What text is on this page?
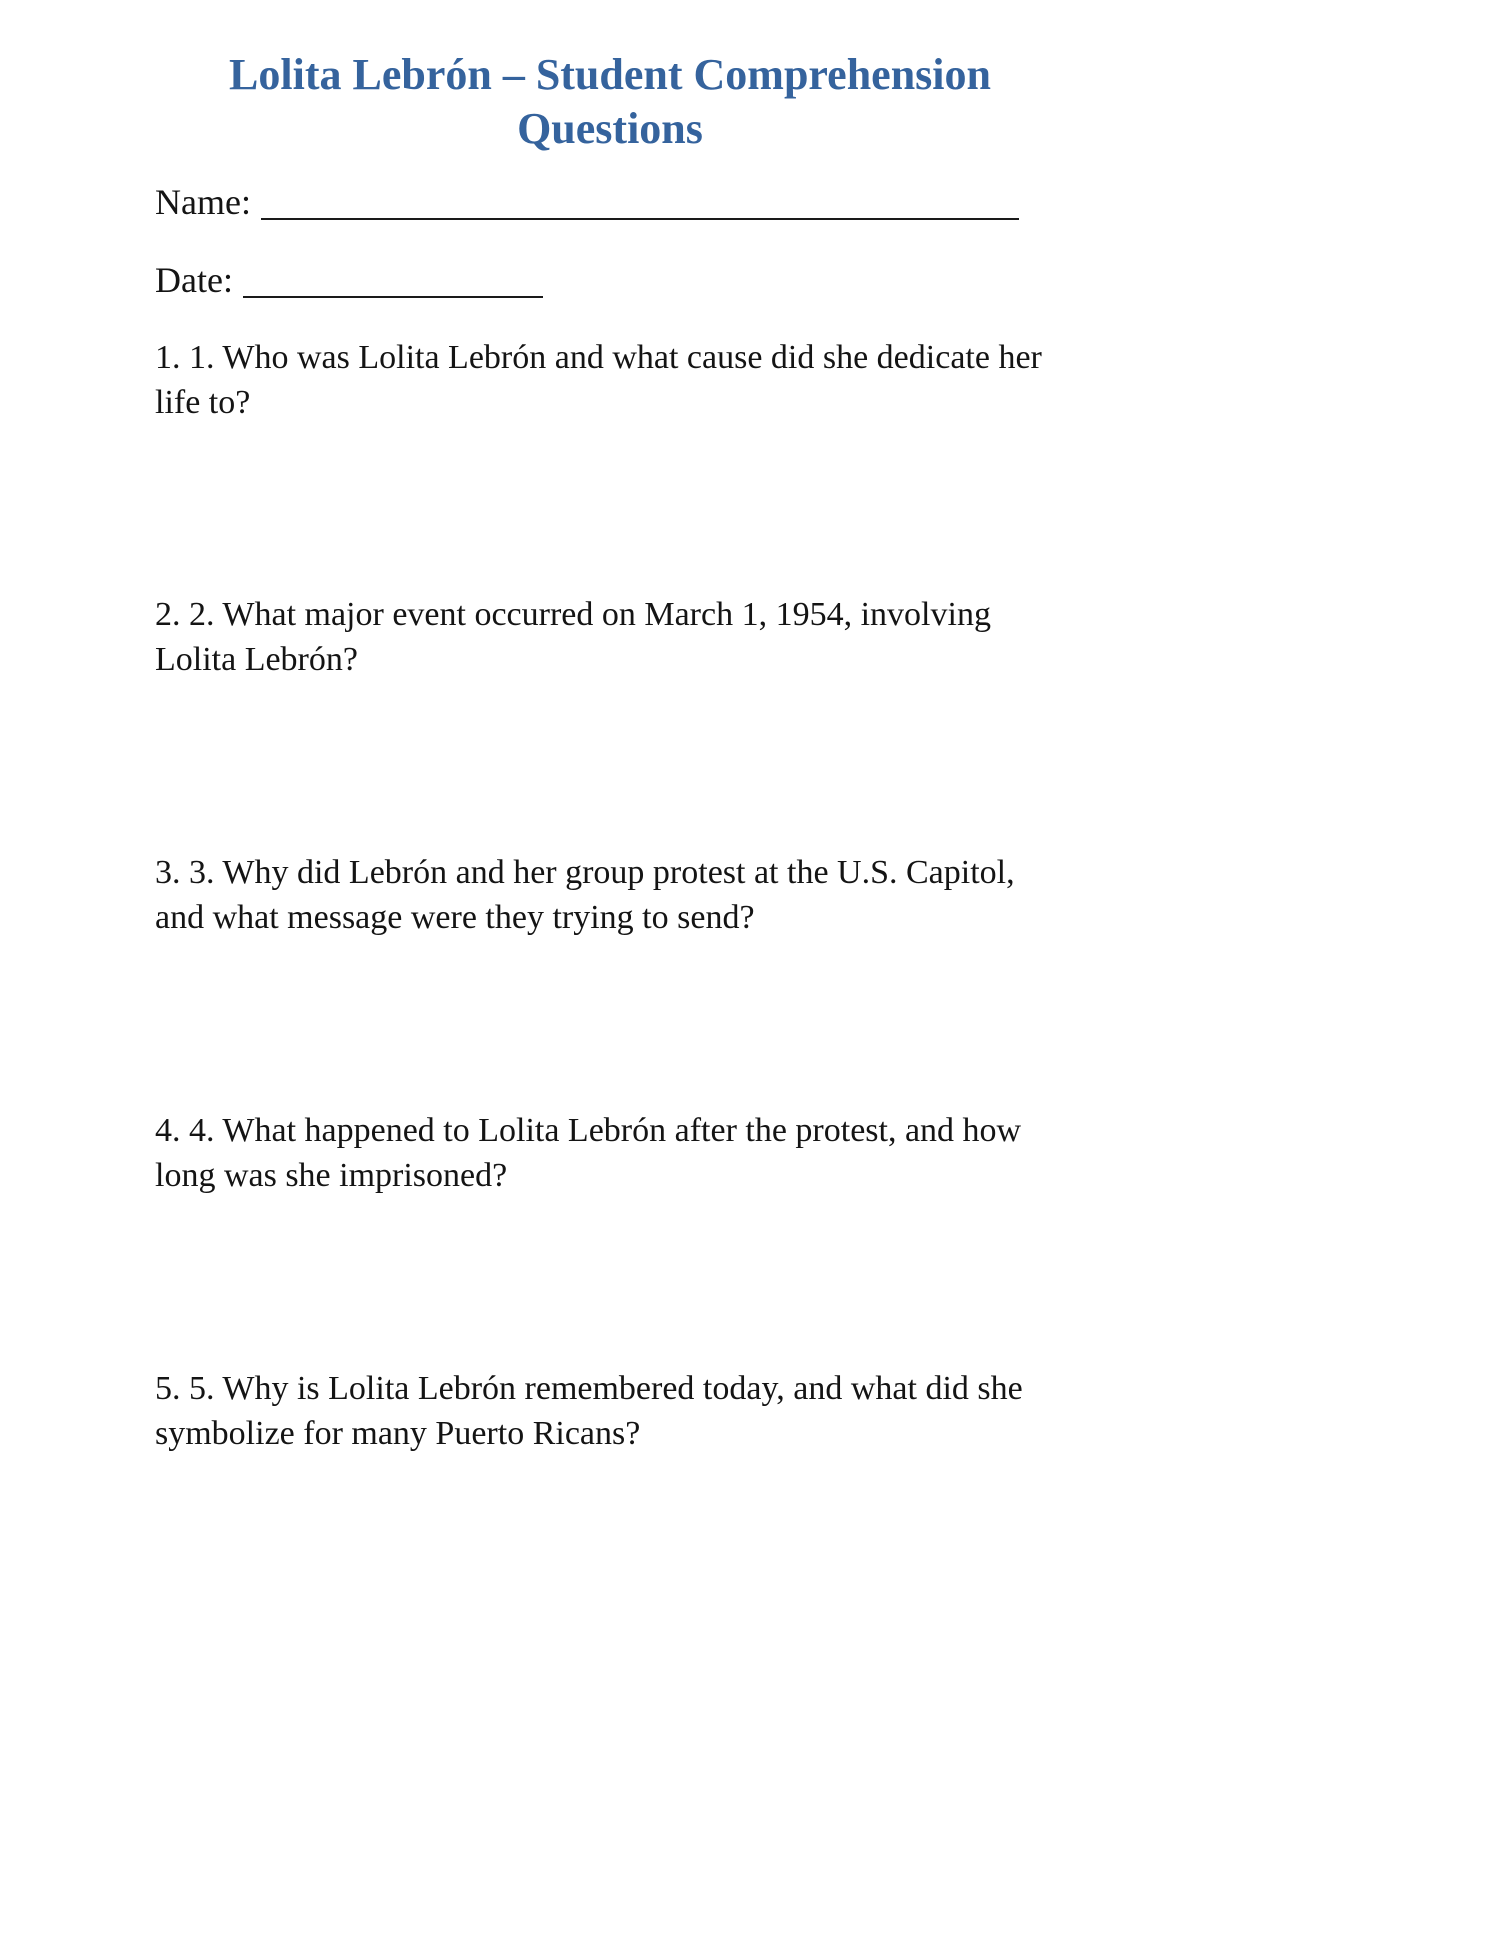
Lolita Lebrón – Student Comprehension
Questions
Name:
Date:
1. 1. Who was Lolita Lebrón and what cause did she dedicate her life to?
2. 2. What major event occurred on March 1, 1954, involving Lolita Lebrón?
3. 3. Why did Lebrón and her group protest at the U.S. Capitol, and what message were they trying to send?
4. 4. What happened to Lolita Lebrón after the protest, and how long was she imprisoned?
5. 5. Why is Lolita Lebrón remembered today, and what did she symbolize for many Puerto Ricans?
